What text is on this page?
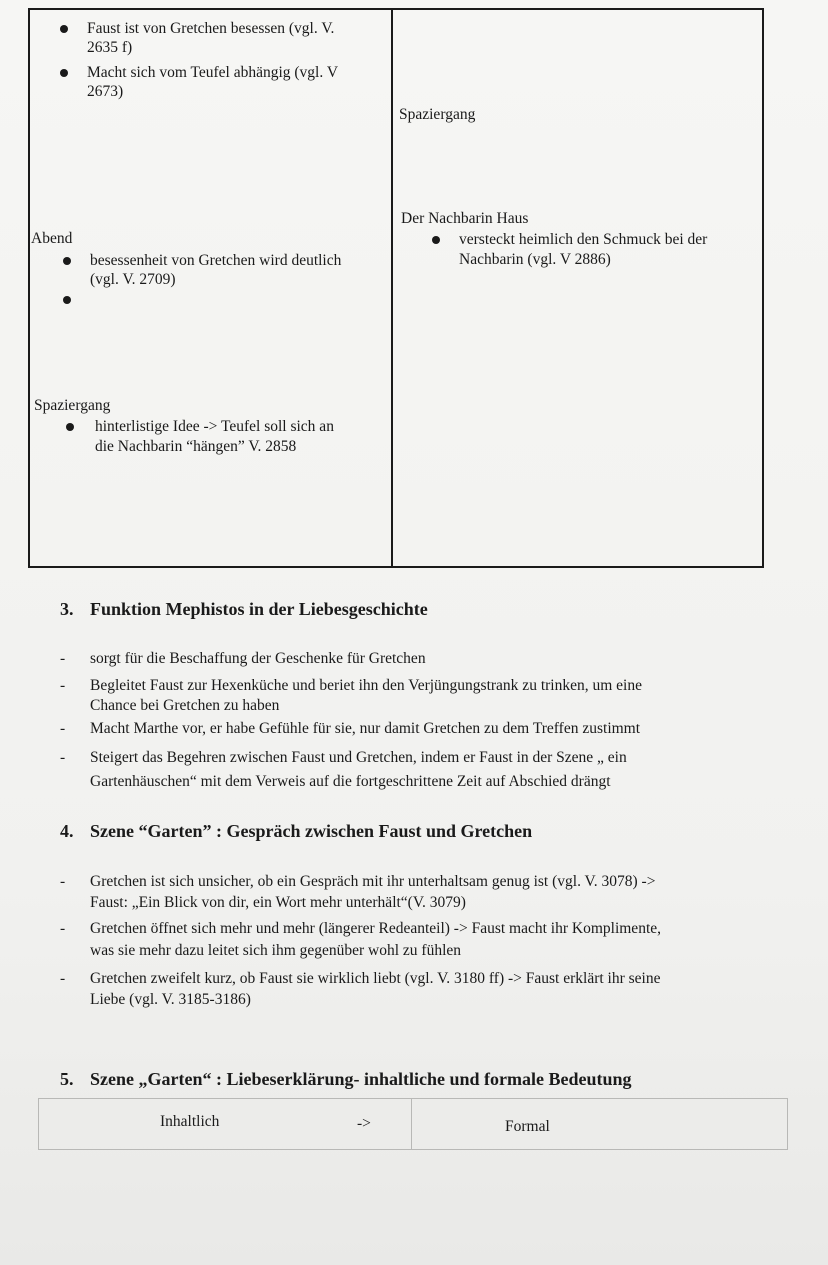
Faust ist von Gretchen besessen (vgl. V.
2635 f)
Macht sich vom Teufel abhängig (vgl. V
2673)
Abend
besessenheit von Gretchen wird deutlich
(vgl. V. 2709)
Spaziergang
hinterlistige Idee -> Teufel soll sich an
die Nachbarin “hängen” V. 2858
Spaziergang
Der Nachbarin Haus
versteckt heimlich den Schmuck bei der
Nachbarin (vgl. V 2886)
3. Funktion Mephistos in der Liebesgeschichte
- sorgt für die Beschaffung der Geschenke für Gretchen
- Begleitet Faust zur Hexenküche und beriet ihn den Verjüngungstrank zu trinken, um eine
Chance bei Gretchen zu haben
- Macht Marthe vor, er habe Gefühle für sie, nur damit Gretchen zu dem Treffen zustimmt
- Steigert das Begehren zwischen Faust und Gretchen, indem er Faust in der Szene „ ein
Gartenhäuschen“ mit dem Verweis auf die fortgeschrittene Zeit auf Abschied drängt
4. Szene “Garten” : Gespräch zwischen Faust und Gretchen
- Gretchen ist sich unsicher, ob ein Gespräch mit ihr unterhaltsam genug ist (vgl. V. 3078) ->
Faust: „Ein Blick von dir, ein Wort mehr unterhält“(V. 3079)
- Gretchen öffnet sich mehr und mehr (längerer Redeanteil) -> Faust macht ihr Komplimente,
was sie mehr dazu leitet sich ihm gegenüber wohl zu fühlen
- Gretchen zweifelt kurz, ob Faust sie wirklich liebt (vgl. V. 3180 ff) -> Faust erklärt ihr seine
Liebe (vgl. V. 3185-3186)
5. Szene „Garten“ : Liebeserklärung- inhaltliche und formale Bedeutung
Inhaltlich	->	Formal
